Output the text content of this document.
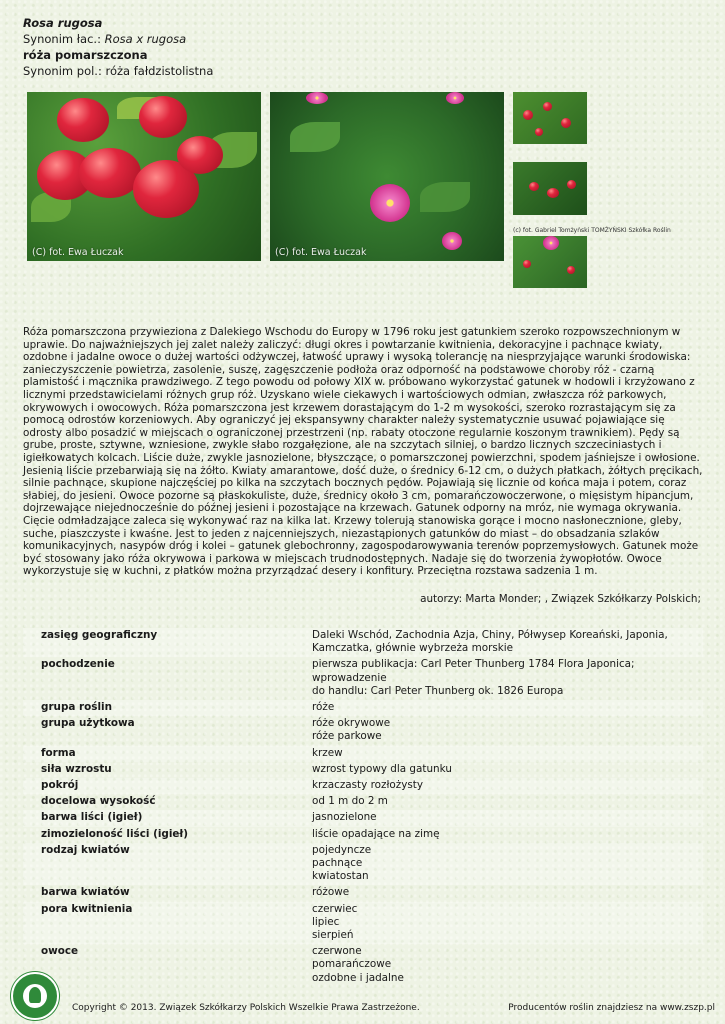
Rosa rugosa
Synonim łac.: Rosa x rugosa
róża pomarszczona
Synonim pol.: róża fałdzistolistna
(C) fot. Ewa Łuczak	(C) fot. Ewa Łuczak
(c) fot. Gabriel Tomżyński TOMŻYŃSKI Szkółka Roślin
Róża pomarszczona przywieziona z Dalekiego Wschodu do Europy w 1796 roku jest gatunkiem szeroko rozpowszechnionym w uprawie. Do najważniejszych jej zalet należy zaliczyć: długi okres i powtarzanie kwitnienia, dekoracyjne i pachnące kwiaty, ozdobne i jadalne owoce o dużej wartości odżywczej, łatwość uprawy i wysoką tolerancję na niesprzyjające warunki środowiska: zanieczyszczenie powietrza, zasolenie, suszę, zagęszczenie podłoża oraz odporność na podstawowe choroby róż - czarną plamistość i mącznika prawdziwego. Z tego powodu od połowy XIX w. próbowano wykorzystać gatunek w hodowli i krzyżowano z licznymi przedstawicielami różnych grup róż. Uzyskano wiele ciekawych i wartościowych odmian, zwłaszcza róż parkowych, okrywowych i owocowych. Róża pomarszczona jest krzewem dorastającym do 1-2 m wysokości, szeroko rozrastającym się za pomocą odrostów korzeniowych. Aby ograniczyć jej ekspansywny charakter należy systematycznie usuwać pojawiające się odrosty albo posadzić w miejscach o ograniczonej przestrzeni (np. rabaty otoczone regularnie koszonym trawnikiem). Pędy są grube, proste, sztywne, wzniesione, zwykle słabo rozgałęzione, ale na szczytach silniej, o bardzo licznych szczeciniastych i igiełkowatych kolcach. Liście duże, zwykle jasnozielone, błyszczące, o pomarszczonej powierzchni, spodem jaśniejsze i owłosione. Jesienią liście przebarwiają się na żółto. Kwiaty amarantowe, dość duże, o średnicy 6-12 cm, o dużych płatkach, żółtych pręcikach, silnie pachnące, skupione najczęściej po kilka na szczytach bocznych pędów. Pojawiają się licznie od końca maja i potem, coraz słabiej, do jesieni. Owoce pozorne są płaskokuliste, duże, średnicy około 3 cm, pomarańczowoczerwone, o mięsistym hipancjum, dojrzewające niejednocześnie do późnej jesieni i pozostające na krzewach. Gatunek odporny na mróz, nie wymaga okrywania. Cięcie odmładzające zaleca się wykonywać raz na kilka lat. Krzewy tolerują stanowiska gorące i mocno nasłonecznione, gleby, suche, piaszczyste i kwaśne. Jest to jeden z najcenniejszych, niezastąpionych gatunków do miast – do obsadzania szlaków komunikacyjnych, nasypów dróg i kolei – gatunek glebochronny, zagospodarowywania terenów poprzemysłowych. Gatunek może być stosowany jako róża okrywowa i parkowa w miejscach trudnodostępnych. Nadaje się do tworzenia żywopłotów. Owoce wykorzystuje się w kuchni, z płatków można przyrządzać desery i konfitury. Przeciętna rozstawa sadzenia 1 m.
autorzy: Marta Monder; , Związek Szkółkarzy Polskich;
zasięg geograficzny	Daleki Wschód, Zachodnia Azja, Chiny, Półwysep Koreański, Japonia,
Kamczatka, głównie wybrzeża morskie
pochodzenie	pierwsza publikacja: Carl Peter Thunberg 1784 Flora Japonica; wprowadzenie
do handlu: Carl Peter Thunberg ok. 1826 Europa
grupa roślin	róże
grupa użytkowa	róże okrywowe
róże parkowe
forma	krzew
siła wzrostu	wzrost typowy dla gatunku
pokrój	krzaczasty rozłożysty
docelowa wysokość	od 1 m do 2 m
barwa liści (igieł)	jasnozielone
zimozieloność liści (igieł)	liście opadające na zimę
rodzaj kwiatów	pojedyncze
pachnące
kwiatostan
barwa kwiatów	różowe
pora kwitnienia	czerwiec
lipiec
sierpień
owoce	czerwone
pomarańczowe
ozdobne i jadalne
Copyright © 2013. Związek Szkółkarzy Polskich Wszelkie Prawa Zastrzeżone.	Producentów roślin znajdziesz na www.zszp.pl
